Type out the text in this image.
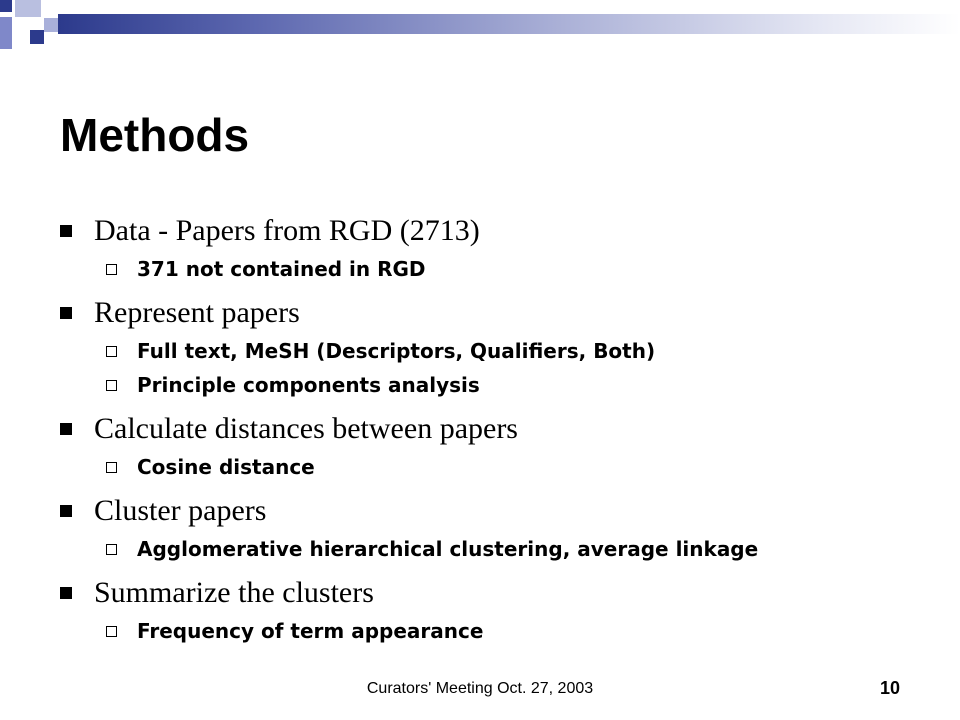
Methods
Data - Papers from RGD (2713)
371 not contained in RGD
Represent papers
Full text, MeSH (Descriptors, Qualifiers, Both)
Principle components analysis
Calculate distances between papers
Cosine distance
Cluster papers
Agglomerative hierarchical clustering, average linkage
Summarize the clusters
Frequency of term appearance
Curators' Meeting Oct. 27, 2003	10
